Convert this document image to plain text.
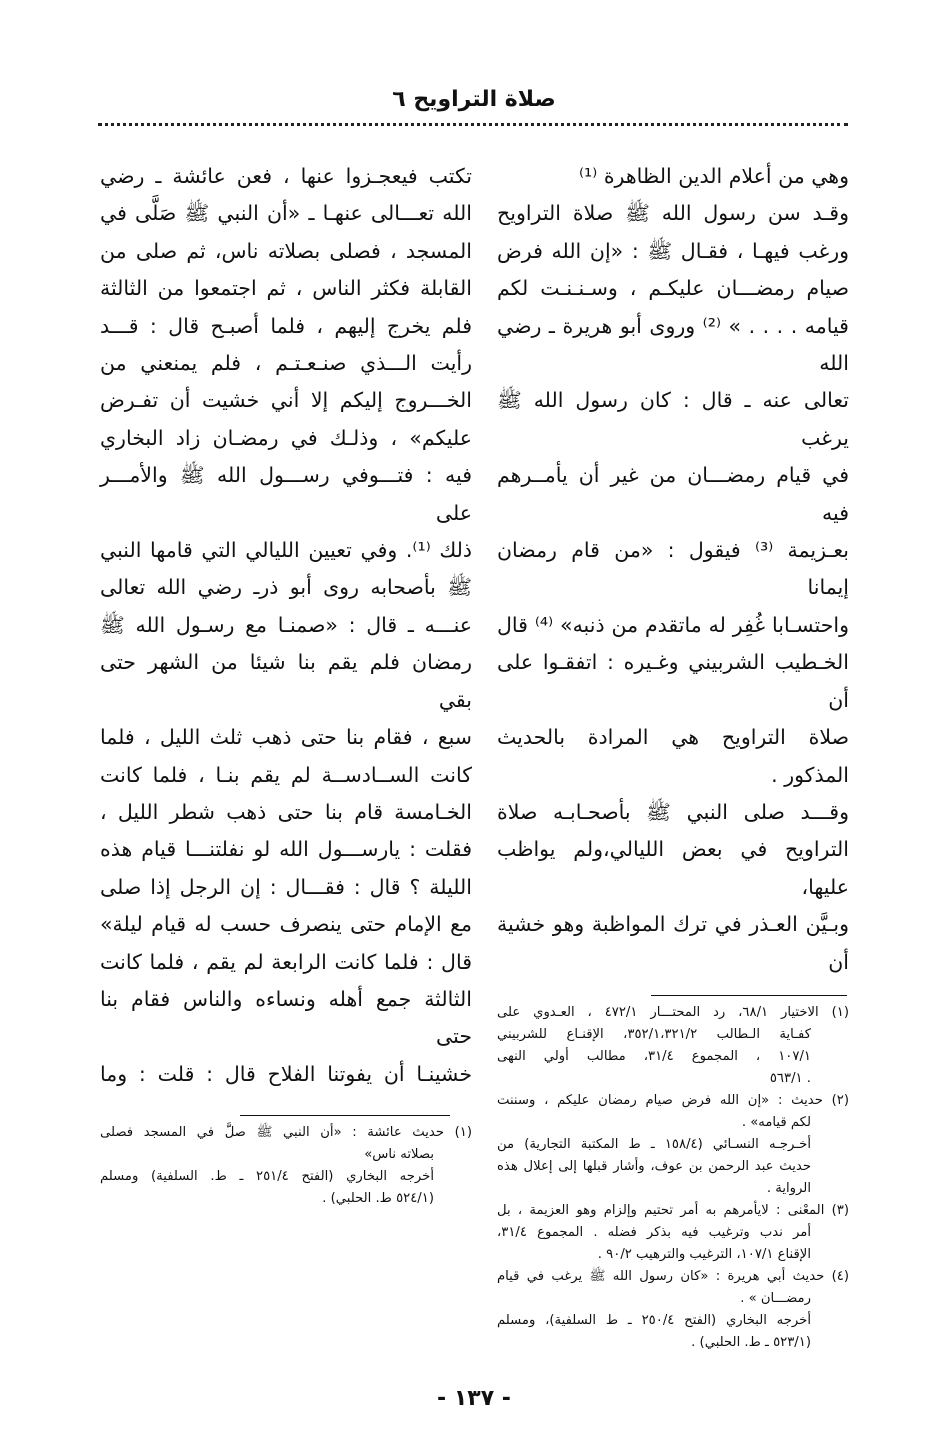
صلاة التراويح ٦
وهي من أعلام الدين الظاهرة ⁽¹⁾
وقـد سن رسول الله ﷺ صلاة التراويح
ورغب فيهـا ، فقـال ﷺ : «إن الله فرض
صيام رمضـــان عليكـم ، وسـنـنـت لكم
قيامه . . . . » ⁽²⁾ وروى أبو هريرة ـ رضي الله
تعالى عنه ـ قال : كان رسول الله ﷺ يرغب
في قيام رمضـــان من غير أن يأمــرهم فيه
بعـزيمة ⁽³⁾ فيقول : «من قام رمضان إيمانا
واحتسـابا غُفِر له ماتقدم من ذنبه» ⁽⁴⁾ قال
الخـطيب الشربيني وغـيره : اتفقـوا على أن
صلاة التراويح هي المرادة بالحديث المذكور .
وقـــد صلى النبي ﷺ بأصحـابـه صلاة
التراويح في بعض الليالي،ولم يواظب عليها،
وبـيَّن العـذر في ترك المواظبة وهو خشية أن
(١) الاختيار ٦٨/١، رد المحتـــار ٤٧٢/١ ، العـدوي على
كفـاية الـطالب ٣٥٢/١،٣٢١/٢، الإقنـاع للشربيني
١٠٧/١ ، المجموع ٣١/٤، مطالب أولي النهى
. ٥٦٣/١
(٢) حديث : «إن الله فرض صيام رمضان عليكم ، وسننت
لكم قيامه» .
أخـرجـه النسـائي (١٥٨/٤ ـ ط المكتبة التجارية) من
حديث عبد الرحمن بن عوف، وأشار قبلها إلى إعلال هذه
الرواية .
(٣) المعْنى : لايأمرهم به أمر تحتيم وإلزام وهو العزيمة ، بل
أمر ندب وترغيب فيه بذكر فضله . المجموع ٣١/٤،
الإقناع ١٠٧/١، الترغيب والترهيب ٩٠/٢ .
(٤) حديث أبي هريرة : «كان رسول الله ﷺ يرغب في قيام
رمضـــان » .
أخرجه البخاري (الفتح ٢٥٠/٤ ـ ط السلفية)، ومسلم
(٥٢٣/١ ـ ط. الحلبي) .
تكتب فيعجـزوا عنها ، فعن عائشة ـ رضي
الله تعـــالى عنهـا ـ «أن النبي ﷺ صَلَّى في
المسجد ، فصلى بصلاته ناس، ثم صلى من
القابلة فكثر الناس ، ثم اجتمعوا من الثالثة
فلم يخرج إليهم ، فلما أصبـح قال : قـــد
رأيت الـــذي صنـعـتـم ، فلم يمنعني من
الخـــروج إليكم إلا أني خشيت أن تفـرض
عليكم» ، وذلـك في رمضـان زاد البخاري
فيه : فتـــوفي رســـول الله ﷺ والأمـــر على
ذلك ⁽¹⁾. وفي تعيين الليالي التي قامها النبي
ﷺ بأصحابه روى أبو ذرـ رضي الله تعالى
عنـــه ـ قال : «صمنـا مع رسـول الله ﷺ
رمضان فلم يقم بنا شيئا من الشهر حتى بقي
سبع ، فقام بنا حتى ذهب ثلث الليل ، فلما
كانت الســادســة لم يقم بنـا ، فلما كانت
الخـامسة قام بنا حتى ذهب شطر الليل ،
فقلت : يارســـول الله لو نفلتنـــا قيام هذه
الليلة ؟ قال : فقـــال : إن الرجل إذا صلى
مع الإمام حتى ينصرف حسب له قيام ليلة»
قال : فلما كانت الرابعة لم يقم ، فلما كانت
الثالثة جمع أهله ونساءه والناس فقام بنا حتى
خشينـا أن يفوتنا الفلاح قال : قلت : وما
(١) حديث عائشة : «أن النبي ﷺ صلَّ في المسجد فصلى
بصلاته ناس»
أخرجه البخاري (الفتح ٢٥١/٤ ـ ط. السلفية) ومسلم
(٥٢٤/١ ط. الحلبي) .
- ١٣٧ -
